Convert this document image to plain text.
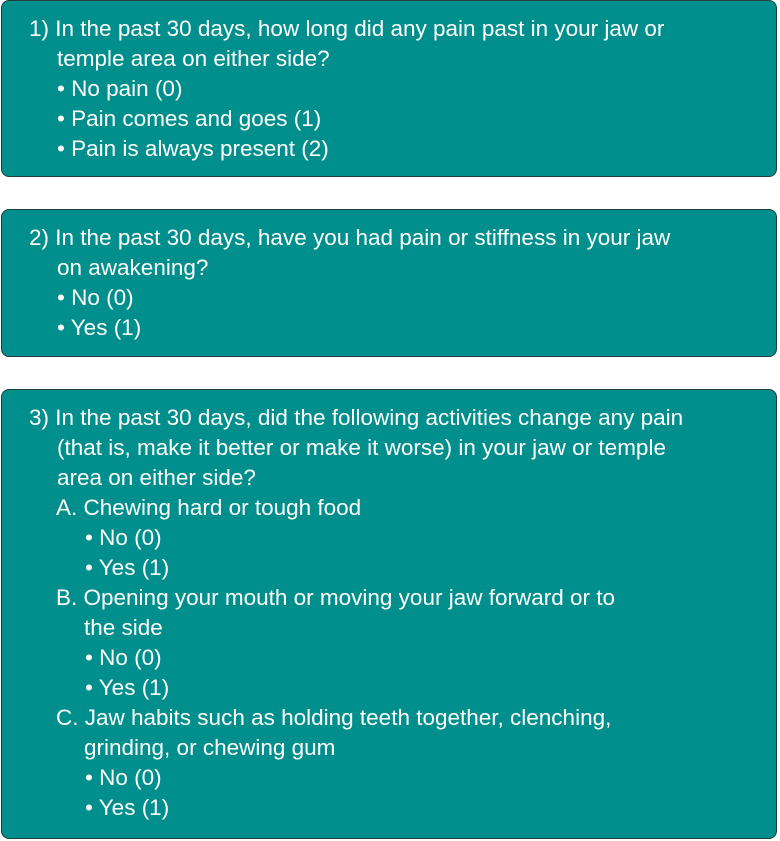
1) In the past 30 days, how long did any pain past in your jaw or
temple area on either side?
• No pain (0)
• Pain comes and goes (1)
• Pain is always present (2)
2) In the past 30 days, have you had pain or stiffness in your jaw
on awakening?
• No (0)
• Yes (1)
3) In the past 30 days, did the following activities change any pain
(that is, make it better or make it worse) in your jaw or temple
area on either side?
A. Chewing hard or tough food
• No (0)
• Yes (1)
B. Opening your mouth or moving your jaw forward or to
the side
• No (0)
• Yes (1)
C. Jaw habits such as holding teeth together, clenching,
grinding, or chewing gum
• No (0)
• Yes (1)
